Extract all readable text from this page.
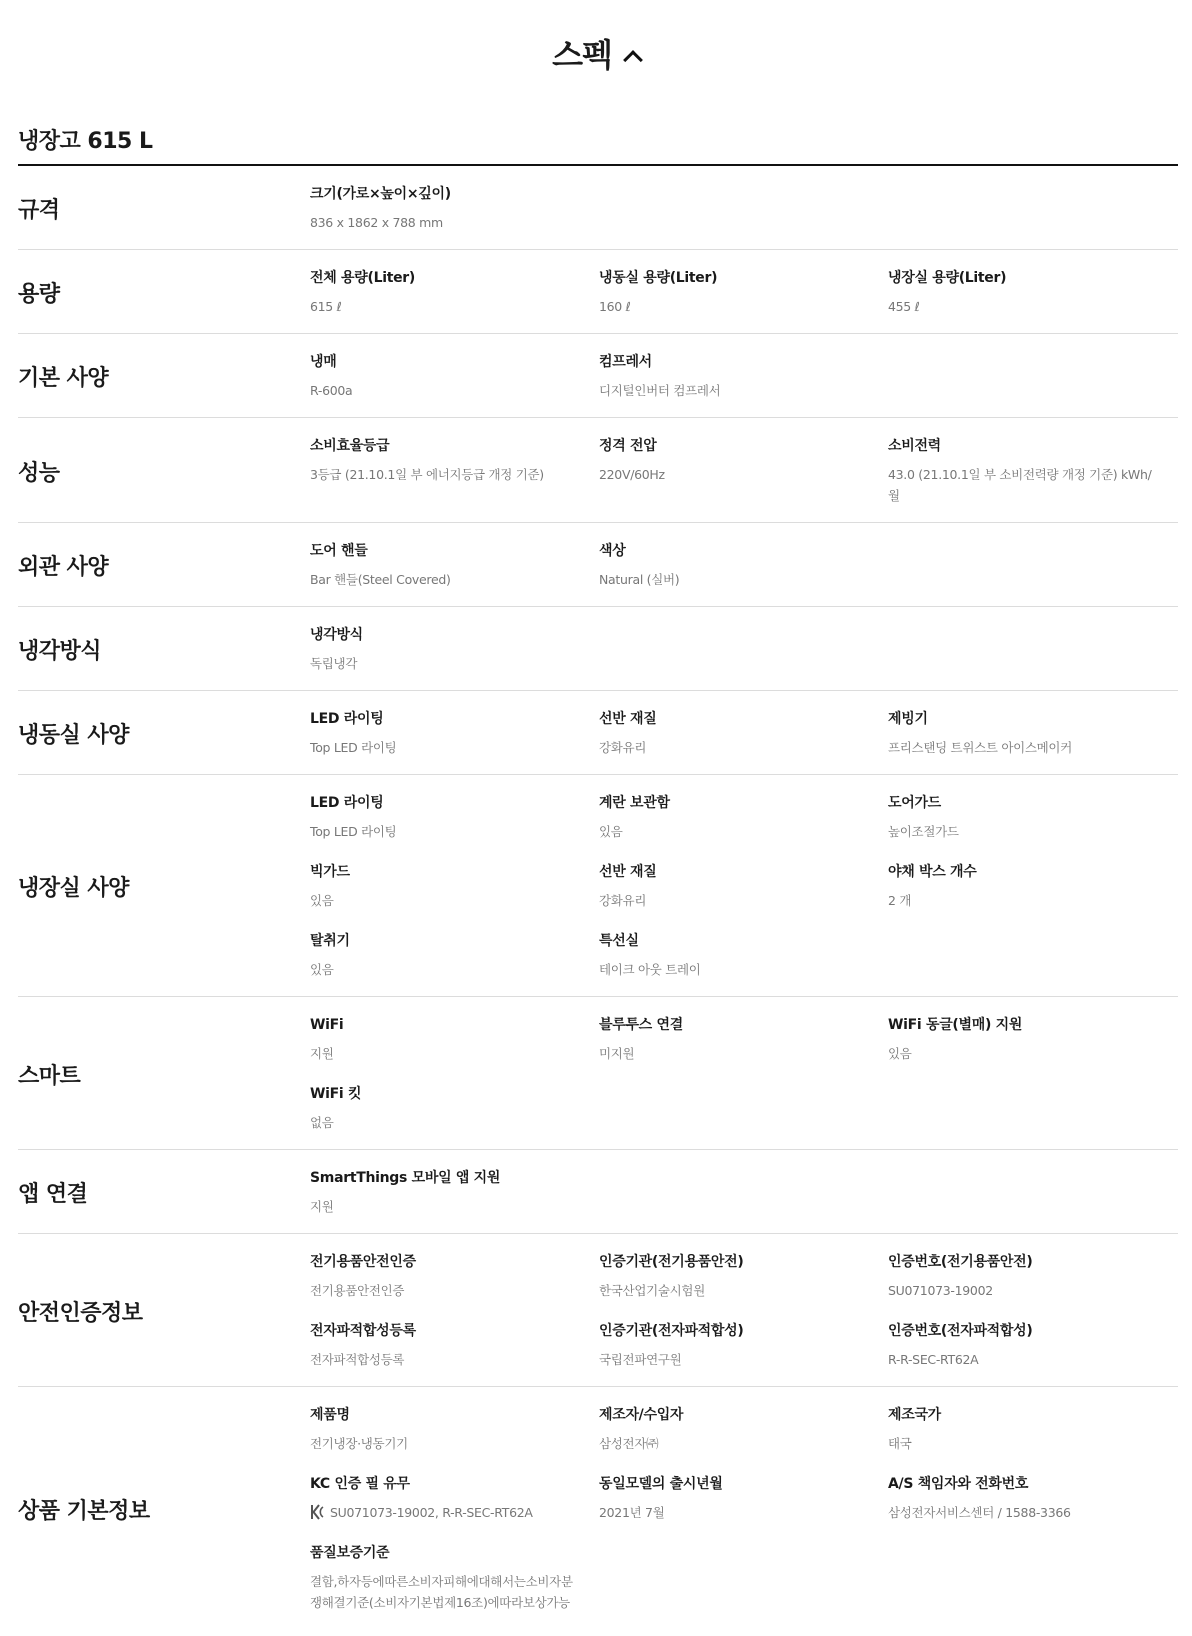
스펙
냉장고 615 L
규격
크기(가로×높이×깊이)
836 x 1862 x 788 mm
용량
전체 용량(Liter)
615 ℓ
냉동실 용량(Liter)
160 ℓ
냉장실 용량(Liter)
455 ℓ
기본 사양
냉매
R-600a
컴프레서
디지털인버터 컴프레서
성능
소비효율등급
3등급 (21.10.1일 부 에너지등급 개정 기준)
정격 전압
220V/60Hz
소비전력
43.0 (21.10.1일 부 소비전력량 개정 기준) kWh/월
외관 사양
도어 핸들
Bar 핸들(Steel Covered)
색상
Natural (실버)
냉각방식
냉각방식
독립냉각
냉동실 사양
LED 라이팅
Top LED 라이팅
선반 재질
강화유리
제빙기
프리스탠딩 트위스트 아이스메이커
냉장실 사양
LED 라이팅
Top LED 라이팅
계란 보관함
있음
도어가드
높이조절가드
빅가드
있음
선반 재질
강화유리
야채 박스 개수
2 개
탈취기
있음
특선실
테이크 아웃 트레이
스마트
WiFi
지원
블루투스 연결
미지원
WiFi 동글(별매) 지원
있음
WiFi 킷
없음
앱 연결
SmartThings 모바일 앱 지원
지원
안전인증정보
전기용품안전인증
전기용품안전인증
인증기관(전기용품안전)
한국산업기술시험원
인증번호(전기용품안전)
SU071073-19002
전자파적합성등록
전자파적합성등록
인증기관(전자파적합성)
국립전파연구원
인증번호(전자파적합성)
R-R-SEC-RT62A
상품 기본정보
제품명
전기냉장·냉동기기
제조자/수입자
삼성전자㈜
제조국가
태국
KC 인증 필 유무
SU071073-19002, R-R-SEC-RT62A
동일모델의 출시년월
2021년 7월
A/S 책임자와 전화번호
삼성전자서비스센터 / 1588-3366
품질보증기준
결함,하자등에따른소비자피해에대해서는소비자분쟁해결기준(소비자기본법제16조)에따라보상가능
